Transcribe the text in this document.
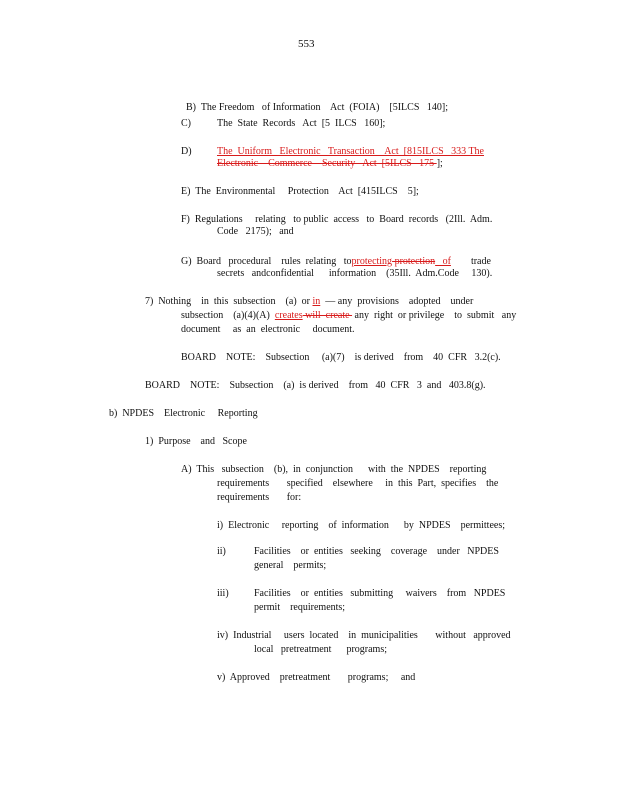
553

B) The Freedom   of Information    Act  (FOIA)    [5ILCS   140];

C)	The  State  Records   Act  [5  ILCS   160];
D)	The  Uniform   Electronic   Transaction    Act  [815ILCS   333 The
Electronic    Commerce    Security   Act  [5ILCS   175 ];
E)  The  Environmental     Protection    Act  [415ILCS    5];
F)  Regulations     relating   to public  access   to  Board  records   (2Ill.  Adm.
Code   2175);   and
G)  Board   procedural    rules  relating   toprotecting protection   of        trade
secrets   andconfidential      information    (35Ill.  Adm.Code     130).
7)  Nothing    in  this  subsection    (a)  or in  — any  provisions    adopted    under
subsection    (a)(4)(A)  creates will  create  any  right  or privilege    to  submit   any
document     as  an  electronic     document.
BOARD    NOTE:    Subsection     (a)(7)    is derived    from    40  CFR   3.2(c).
BOARD    NOTE:    Subsection    (a)  is derived    from   40  CFR   3  and   403.8(g).
b)  NPDES    Electronic     Reporting
1)  Purpose    and   Scope
A)  This   subsection    (b),  in  conjunction      with  the  NPDES    reporting
requirements       specified    elsewhere     in  this  Part,  specifies    the
requirements       for:
i)  Electronic     reporting    of  information      by  NPDES    permittees;
ii)	Facilities    or  entities   seeking    coverage    under   NPDES
general    permits;
iii)	Facilities    or  entities   submitting     waivers    from   NPDES
permit    requirements;
iv)  Industrial     users  located    in  municipalities       without   approved
local   pretreatment      programs;
v)  Approved    pretreatment       programs;     and
